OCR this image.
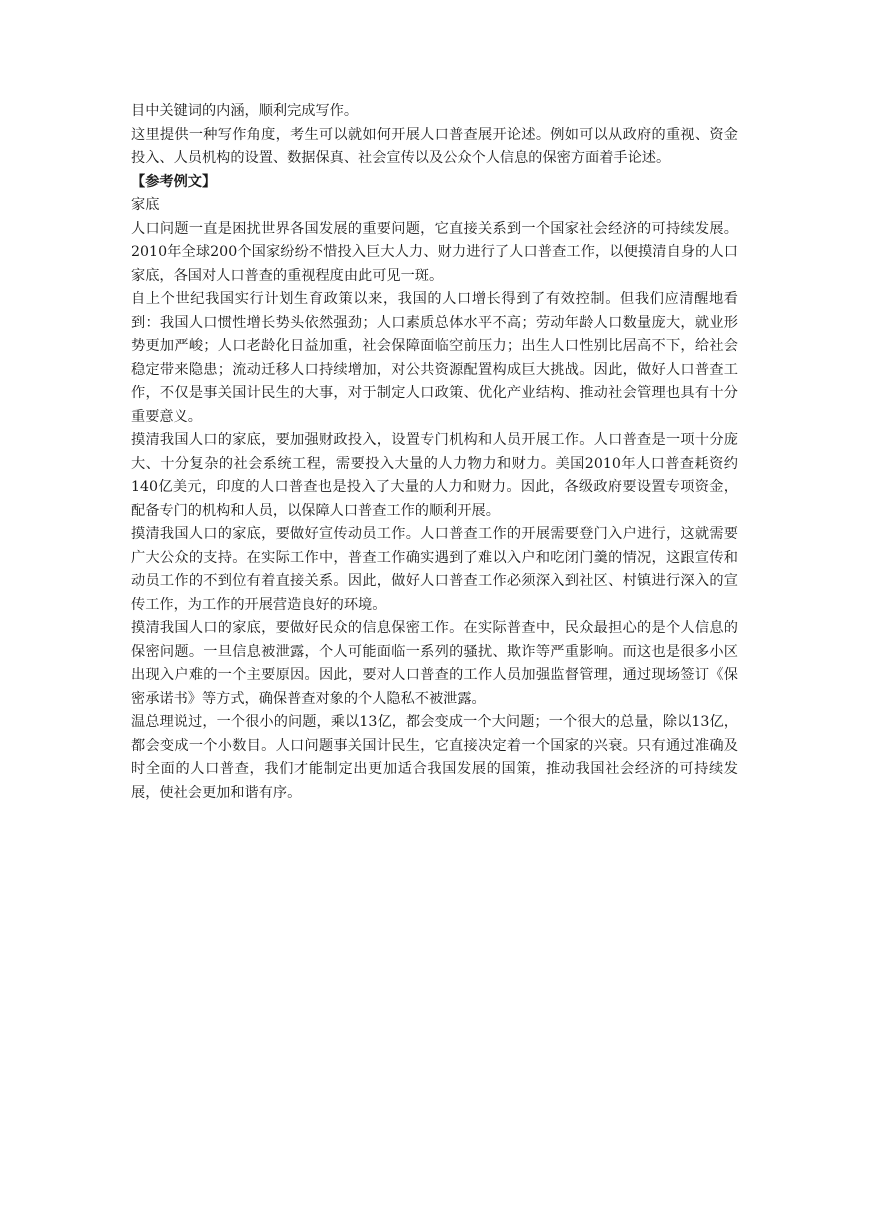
目中关键词的内涵，顺利完成写作。

这里提供一种写作角度，考生可以就如何开展人口普查展开论述。例如可以从政府的重视、资金投入、人员机构的设置、数据保真、社会宣传以及公众个人信息的保密方面着手论述。

【参考例文】

家底

人口问题一直是困扰世界各国发展的重要问题，它直接关系到一个国家社会经济的可持续发展。2010年全球200个国家纷纷不惜投入巨大人力、财力进行了人口普查工作，以便摸清自身的人口家底，各国对人口普查的重视程度由此可见一斑。

自上个世纪我国实行计划生育政策以来，我国的人口增长得到了有效控制。但我们应清醒地看到：我国人口惯性增长势头依然强劲；人口素质总体水平不高；劳动年龄人口数量庞大，就业形势更加严峻；人口老龄化日益加重，社会保障面临空前压力；出生人口性别比居高不下，给社会稳定带来隐患；流动迁移人口持续增加，对公共资源配置构成巨大挑战。因此，做好人口普查工作，不仅是事关国计民生的大事，对于制定人口政策、优化产业结构、推动社会管理也具有十分重要意义。

摸清我国人口的家底，要加强财政投入，设置专门机构和人员开展工作。人口普查是一项十分庞大、十分复杂的社会系统工程，需要投入大量的人力物力和财力。美国2010年人口普查耗资约140亿美元，印度的人口普查也是投入了大量的人力和财力。因此，各级政府要设置专项资金，配备专门的机构和人员，以保障人口普查工作的顺利开展。

摸清我国人口的家底，要做好宣传动员工作。人口普查工作的开展需要登门入户进行，这就需要广大公众的支持。在实际工作中，普查工作确实遇到了难以入户和吃闭门羹的情况，这跟宣传和动员工作的不到位有着直接关系。因此，做好人口普查工作必须深入到社区、村镇进行深入的宣传工作，为工作的开展营造良好的环境。

摸清我国人口的家底，要做好民众的信息保密工作。在实际普查中，民众最担心的是个人信息的保密问题。一旦信息被泄露，个人可能面临一系列的骚扰、欺诈等严重影响。而这也是很多小区出现入户难的一个主要原因。因此，要对人口普查的工作人员加强监督管理，通过现场签订《保密承诺书》等方式，确保普查对象的个人隐私不被泄露。

温总理说过，一个很小的问题，乘以13亿，都会变成一个大问题；一个很大的总量，除以13亿，都会变成一个小数目。人口问题事关国计民生，它直接决定着一个国家的兴衰。只有通过准确及时全面的人口普查，我们才能制定出更加适合我国发展的国策，推动我国社会经济的可持续发展，使社会更加和谐有序。
